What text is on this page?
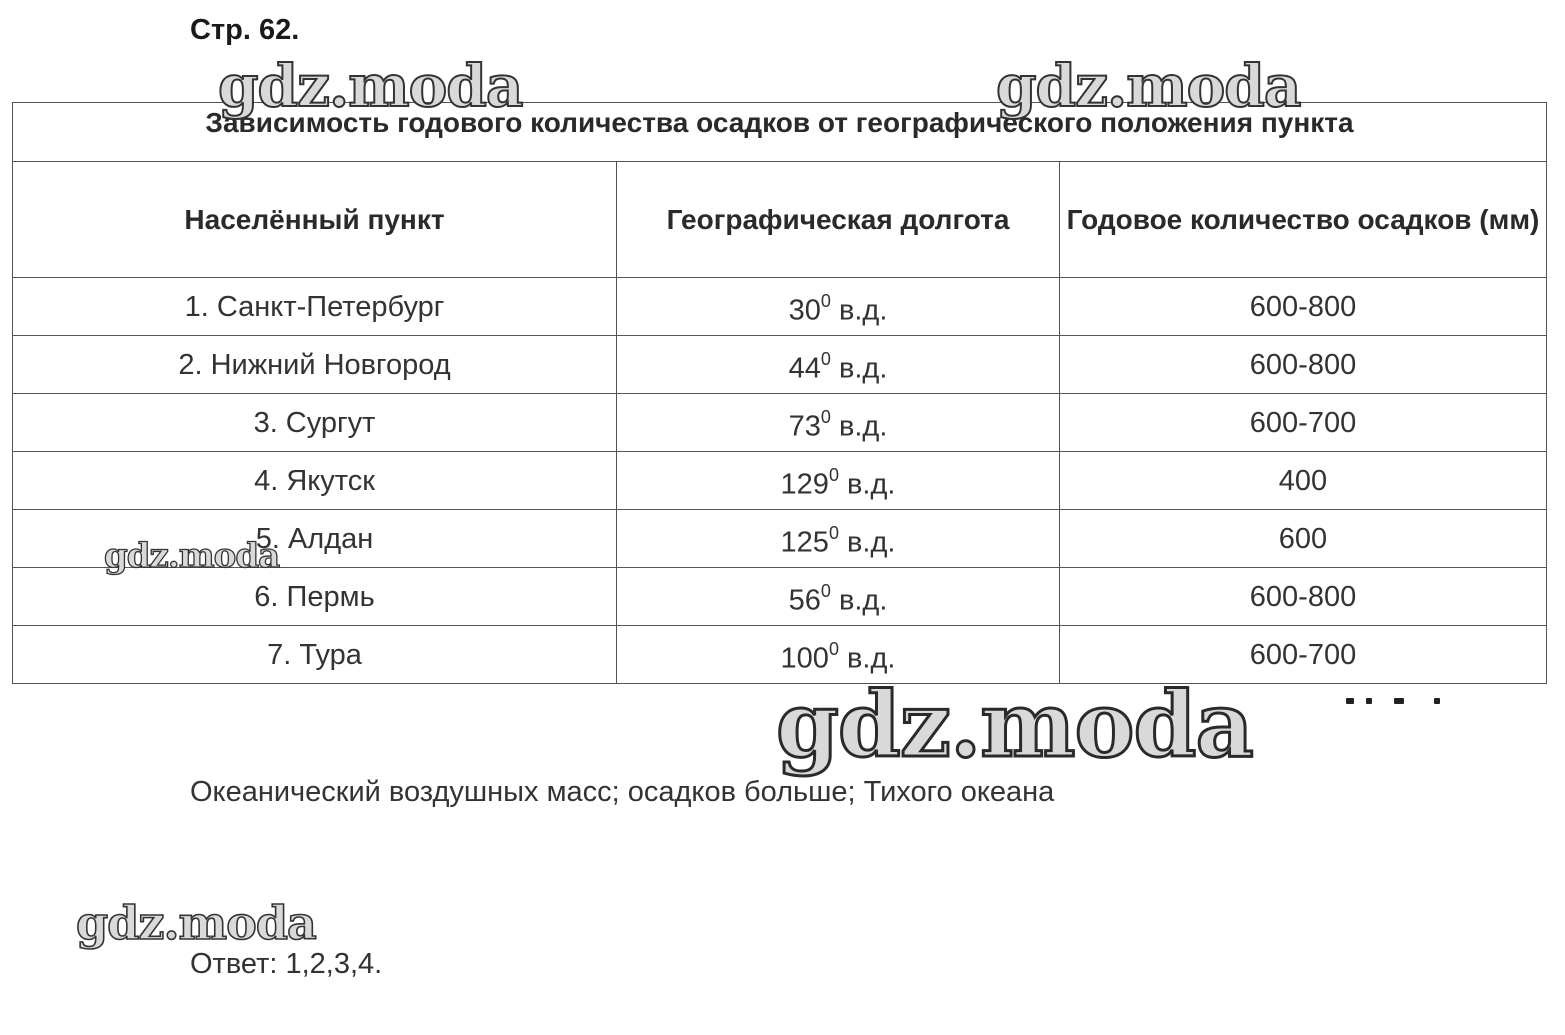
Стр. 62.
gdz.moda	gdz.moda
gdz.moda
gdz.moda
gdz.moda
Зависимость годового количества осадков от географического положения пункта		
Населённый пункт	Географическая долгота	Годовое количество осадков (мм)
1. Санкт-Петербург	$30^0$ в.д.	600-800
2. Нижний Новгород	$44^0$ в.д.	600-800
3. Сургут	$73^0$ в.д.	600-700
4. Якутск	$129^0$ в.д.	400
5. Алдан	$125^0$ в.д.	600
6. Пермь	$56^0$ в.д.	600-800
7. Тура	$100^0$ в.д.	600-700
Океанический воздушных масс; осадков больше; Тихого океана
Ответ: 1,2,3,4.
